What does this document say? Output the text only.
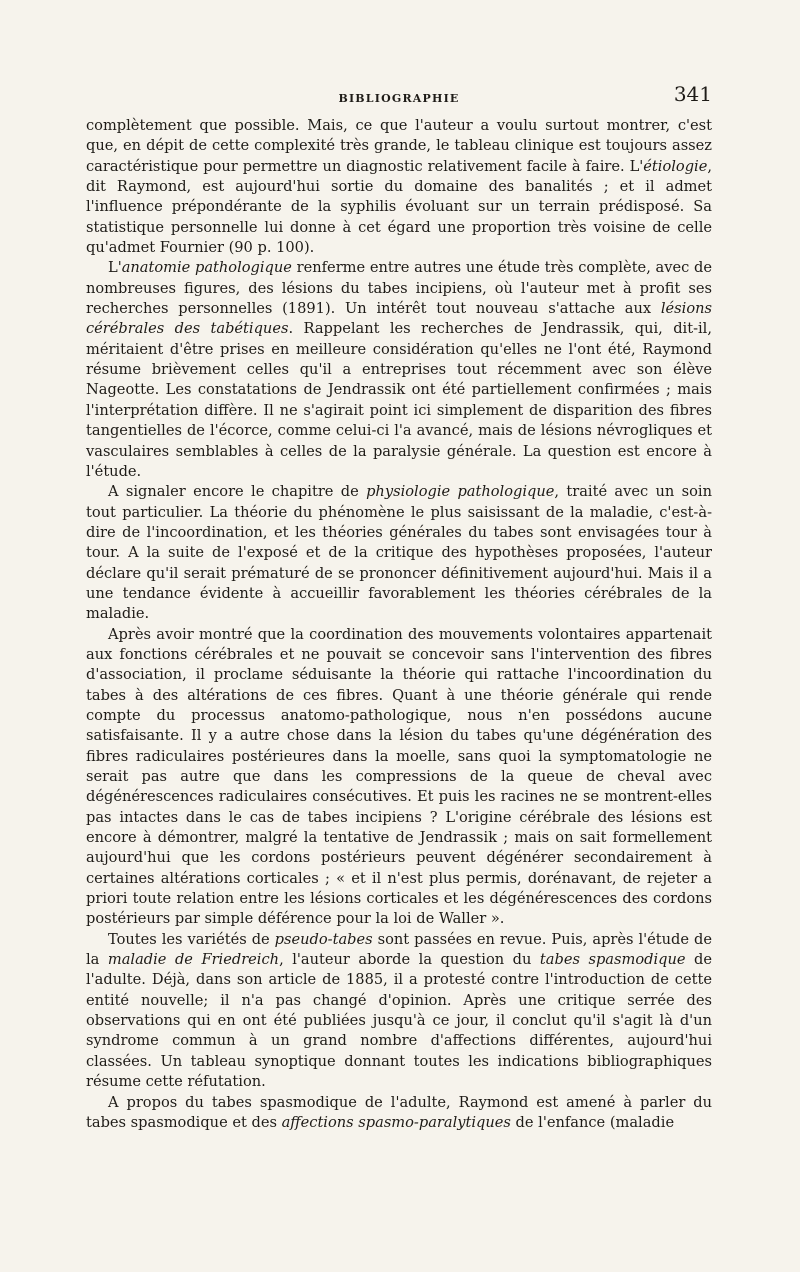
BIBLIOGRAPHIE	341

complètement que possible. Mais, ce que l'auteur a voulu surtout montrer, c'est que, en dépit de cette complexité très grande, le tableau clinique est toujours assez caractéristique pour permettre un diagnostic relativement facile à faire. L'étiologie, dit Raymond, est aujourd'hui sortie du domaine des banalités ; et il admet l'influence prépondérante de la syphilis évoluant sur un terrain prédisposé. Sa statistique personnelle lui donne à cet égard une proportion très voisine de celle qu'admet Fournier (90 p. 100).

L'anatomie pathologique renferme entre autres une étude très complète, avec de nombreuses figures, des lésions du tabes incipiens, où l'auteur met à profit ses recherches personnelles (1891). Un intérêt tout nouveau s'attache aux lésions cérébrales des tabétiques. Rappelant les recherches de Jendrassik, qui, dit-il, méritaient d'être prises en meilleure considération qu'elles ne l'ont été, Raymond résume brièvement celles qu'il a entreprises tout récemment avec son élève Nageotte. Les constatations de Jendrassik ont été partiellement confirmées ; mais l'interprétation diffère. Il ne s'agirait point ici simplement de disparition des fibres tangentielles de l'écorce, comme celui-ci l'a avancé, mais de lésions névrogliques et vasculaires semblables à celles de la paralysie générale. La question est encore à l'étude.

A signaler encore le chapitre de physiologie pathologique, traité avec un soin tout particulier. La théorie du phénomène le plus saisissant de la maladie, c'est-à-dire de l'incoordination, et les théories générales du tabes sont envisagées tour à tour. A la suite de l'exposé et de la critique des hypothèses proposées, l'auteur déclare qu'il serait prématuré de se prononcer définitivement aujourd'hui. Mais il a une tendance évidente à accueillir favorablement les théories cérébrales de la maladie.

Après avoir montré que la coordination des mouvements volontaires appartenait aux fonctions cérébrales et ne pouvait se concevoir sans l'intervention des fibres d'association, il proclame séduisante la théorie qui rattache l'incoordination du tabes à des altérations de ces fibres. Quant à une théorie générale qui rende compte du processus anatomo-pathologique, nous n'en possédons aucune satisfaisante. Il y a autre chose dans la lésion du tabes qu'une dégénération des fibres radiculaires postérieures dans la moelle, sans quoi la symptomatologie ne serait pas autre que dans les compressions de la queue de cheval avec dégénérescences radiculaires consécutives. Et puis les racines ne se montrent-elles pas intactes dans le cas de tabes incipiens ? L'origine cérébrale des lésions est encore à démontrer, malgré la tentative de Jendrassik ; mais on sait formellement aujourd'hui que les cordons postérieurs peuvent dégénérer secondairement à certaines altérations corticales ; « et il n'est plus permis, dorénavant, de rejeter a priori toute relation entre les lésions corticales et les dégénérescences des cordons postérieurs par simple déférence pour la loi de Waller ».

Toutes les variétés de pseudo-tabes sont passées en revue. Puis, après l'étude de la maladie de Friedreich, l'auteur aborde la question du tabes spasmodique de l'adulte. Déjà, dans son article de 1885, il a protesté contre l'introduction de cette entité nouvelle; il n'a pas changé d'opinion. Après une critique serrée des observations qui en ont été publiées jusqu'à ce jour, il conclut qu'il s'agit là d'un syndrome commun à un grand nombre d'affections différentes, aujourd'hui classées. Un tableau synoptique donnant toutes les indications bibliographiques résume cette réfutation.

A propos du tabes spasmodique de l'adulte, Raymond est amené à parler du tabes spasmodique et des affections spasmo-paralytiques de l'enfance (maladie
